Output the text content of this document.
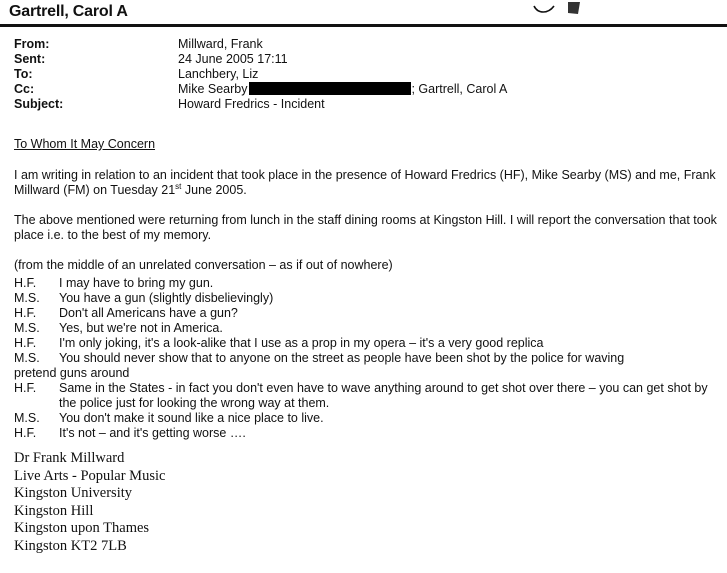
Gartrell, Carol A
From:	Millward, Frank
Sent:	24 June 2005 17:11
To:	Lanchbery, Liz
Cc:	Mike Searby	; Gartrell, Carol A
Subject:	Howard Fredrics - Incident

To Whom It May Concern

I am writing in relation to an incident that took place in the presence of Howard Fredrics (HF), Mike Searby (MS) and me, Frank Millward (FM) on Tuesday 21st June 2005.

The above mentioned were returning from lunch in the staff dining rooms at Kingston Hill. I will report the conversation that took place i.e. to the best of my memory.

(from the middle of an unrelated conversation – as if out of nowhere)

H.F.	I may have to bring my gun.
M.S.	You have a gun (slightly disbelievingly)
H.F.	Don't all Americans have a gun?
M.S.	Yes, but we're not in America.
H.F.	I'm only joking, it's a look-alike that I use as a prop in my opera – it's a very good replica
M.S.	You should never show that to anyone on the street as people have been shot by the police for waving
pretend guns around
H.F.	Same in the States - in fact you don't even have to wave anything around to get shot over there – you can get shot by the police just for looking the wrong way at them.
M.S.	You don't make it sound like a nice place to live.
H.F.	It's not – and it's getting worse ….
Dr Frank Millward
Live Arts - Popular Music
Kingston University
Kingston Hill
Kingston upon Thames
Kingston KT2 7LB
